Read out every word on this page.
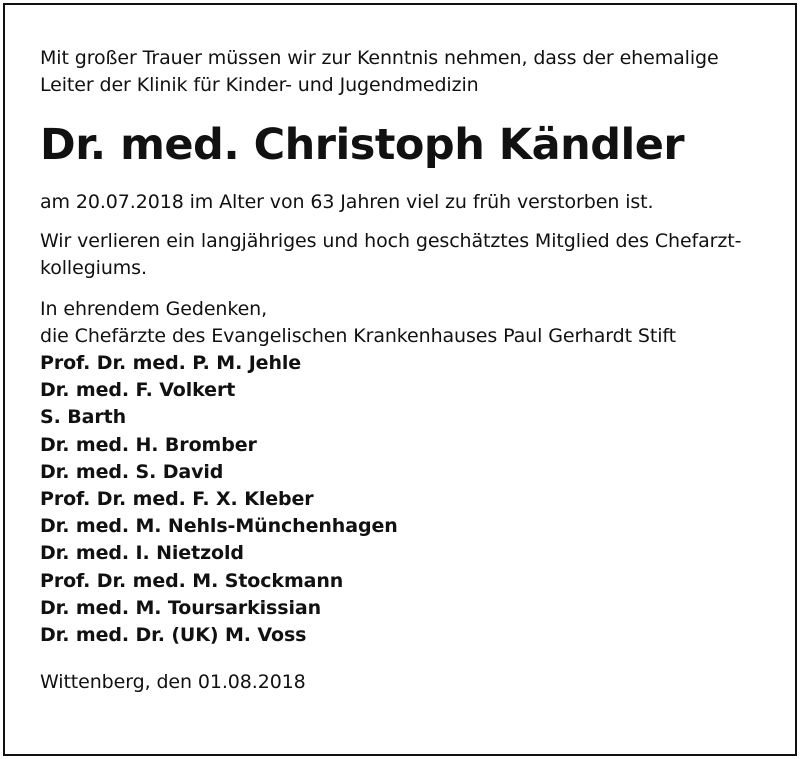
Mit großer Trauer müssen wir zur Kenntnis nehmen, dass der ehemalige
Leiter der Klinik für Kinder- und Jugendmedizin
Dr. med. Christoph Kändler
am 20.07.2018 im Alter von 63 Jahren viel zu früh verstorben ist.
Wir verlieren ein langjähriges und hoch geschätztes Mitglied des Chefarzt-
kollegiums.
In ehrendem Gedenken,
die Chefärzte des Evangelischen Krankenhauses Paul Gerhardt Stift
Prof. Dr. med. P. M. Jehle
Dr. med. F. Volkert
S. Barth
Dr. med. H. Bromber
Dr. med. S. David
Prof. Dr. med. F. X. Kleber
Dr. med. M. Nehls-Münchenhagen
Dr. med. I. Nietzold
Prof. Dr. med. M. Stockmann
Dr. med. M. Toursarkissian
Dr. med. Dr. (UK) M. Voss
Wittenberg, den 01.08.2018
